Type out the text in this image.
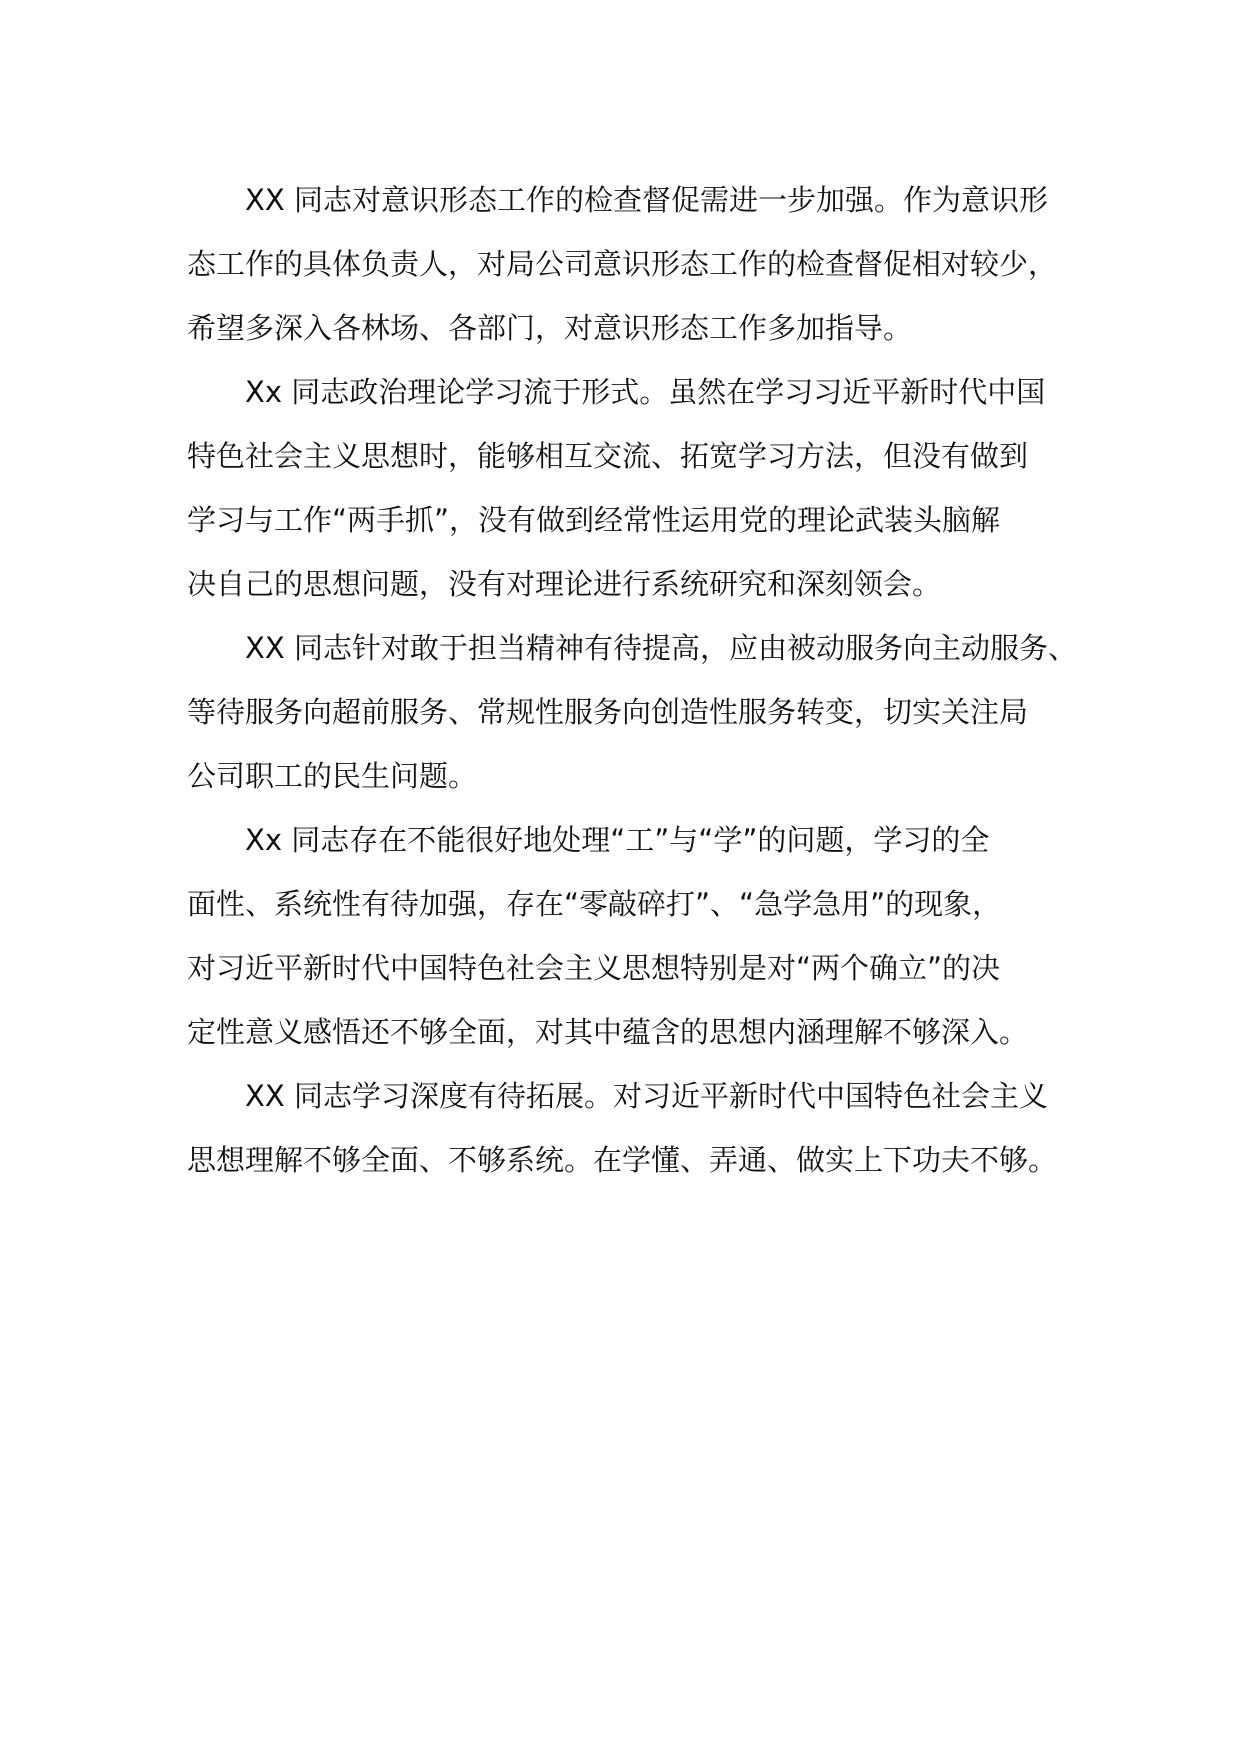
XX 同志对意识形态工作的检查督促需进一步加强。作为意识形
态工作的具体负责人，对局公司意识形态工作的检查督促相对较少，
希望多深入各林场、各部门，对意识形态工作多加指导。

Xx 同志政治理论学习流于形式。虽然在学习习近平新时代中国
特色社会主义思想时，能够相互交流、拓宽学习方法，但没有做到
学习与工作“两手抓”，没有做到经常性运用党的理论武装头脑解
决自己的思想问题，没有对理论进行系统研究和深刻领会。

XX 同志针对敢于担当精神有待提高，应由被动服务向主动服务、
等待服务向超前服务、常规性服务向创造性服务转变，切实关注局
公司职工的民生问题。

Xx 同志存在不能很好地处理“工”与“学”的问题，学习的全
面性、系统性有待加强，存在“零敲碎打”、“急学急用”的现象，
对习近平新时代中国特色社会主义思想特别是对“两个确立”的决
定性意义感悟还不够全面，对其中蕴含的思想内涵理解不够深入。

XX 同志学习深度有待拓展。对习近平新时代中国特色社会主义
思想理解不够全面、不够系统。在学懂、弄通、做实上下功夫不够。
